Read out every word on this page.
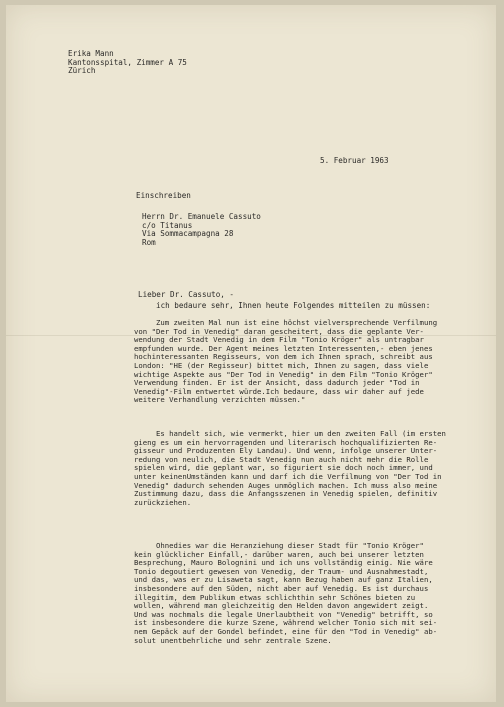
Erika Mann
Kantonsspital, Zimmer A 75
Zürich
5. Februar 1963
Einschreiben
Herrn Dr. Emanuele Cassuto
c/o Titanus
Via Sommacampagna 28
Rom
Lieber Dr. Cassuto, -
ich bedaure sehr, Ihnen heute Folgendes mitteilen zu müssen:
Zum zweiten Mal nun ist eine höchst vielversprechende Verfilmung
von "Der Tod in Venedig" daran gescheitert, dass die geplante Ver-
wendung der Stadt Venedig in dem Film "Tonio Kröger" als untragbar
empfunden wurde. Der Agent meines letzten Interessenten,- eben jenes
hochinteressanten Regisseurs, von dem ich Ihnen sprach, schreibt aus
London: "HE (der Regisseur) bittet mich, Ihnen zu sagen, dass viele
wichtige Aspekte aus "Der Tod in Venedig" in dem Film "Tonio Kröger"
Verwendung finden. Er ist der Ansicht, dass dadurch jeder "Tod in
Venedig"-Film entwertet würde.Ich bedaure, dass wir daher auf jede
weitere Verhandlung verzichten müssen."
Es handelt sich, wie vermerkt, hier um den zweiten Fall (im ersten
gieng es um ein hervorragenden und literarisch hochqualifizierten Re-
gisseur und Produzenten Ely Landau). Und wenn, infolge unserer Unter-
redung von neulich, die Stadt Venedig nun auch nicht mehr die Rolle
spielen wird, die geplant war, so figuriert sie doch noch immer, und
unter keinenUmständen kann und darf ich die Verfilmung von "Der Tod in
Venedig" dadurch sehenden Auges unmöglich machen. Ich muss also meine
Zustimmung dazu, dass die Anfangsszenen in Venedig spielen, definitiv
zurückziehen.
Ohnedies war die Heranziehung dieser Stadt für "Tonio Kröger"
kein glücklicher Einfall,- darüber waren, auch bei unserer letzten
Besprechung, Mauro Bolognini und ich uns vollständig einig. Nie wäre
Tonio degoutiert gewesen von Venedig, der Traum- und Ausnahmestadt,
und das, was er zu Lisaweta sagt, kann Bezug haben auf ganz Italien,
insbesondere auf den Süden, nicht aber auf Venedig. Es ist durchaus
illegitim, dem Publikum etwas schlichthin sehr Schönes bieten zu
wollen, während man gleichzeitig den Helden davon angewidert zeigt.
Und was nochmals die legale Unerlaubtheit von "Venedig" betrifft, so
ist insbesondere die kurze Szene, während welcher Tonio sich mit sei-
nem Gepäck auf der Gondel befindet, eine für den "Tod in Venedig" ab-
solut unentbehrliche und sehr zentrale Szene.
